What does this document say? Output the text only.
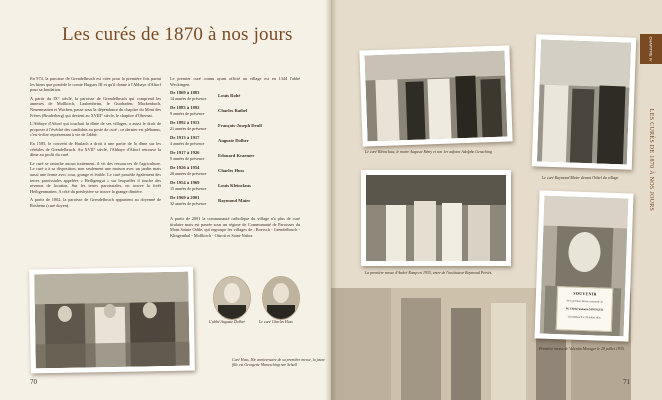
Les curés de 1870 à nos jours

En 974, la paroisse de Grendelbruch est citée pour la première fois parmi les biens que possède le comte Hugues III et qu'il donne à l'Abbaye d'Altorf pour sa fondation.

A partir du IX° siècle, la paroisse de Grendelbruch qui comprend les annexes de Mollkirch, Laubenheim, le Guirbaden, Mackenbach, Neuenmatten et Wachen, passe sous la dépendance du chapitre du Mont des Frères (Bruderberg) qui devient au XVIII° siècle, le chapitre d'Obernai.

L'Abbaye d'Altorf qui touchait la dîme de ses villages, a aussi le droit de proposer à l'évêché des candidats au poste de curé ; ce dernier est plébanus, c'est-à-dire représentant à vie de l'abbé.

En 1585, le couvent de Haslach a droit à une partie de la dîme sur les céréales de Grendelbruch. Au XVII° siècle, l'Abbaye d'Altorf retrouve la dîme au profit du curé.

Le curé se rattache aucun traitement, il vit des ressources de l'agriculture. Le curé a à sa disposition, non seulement une maison avec un jardin mais aussi une ferme avec cour, grange et étable. Le curé possède également des terres paroissiales appelées « Heiligengut » sur lesquelles il touche des revenus de location. Sur les terres paroissiales, on trouve la forêt Heiligenmatten. A côté du presbytère se trouve la grange dîmière.

A partir de 1802, la paroisse de Grendelbruch appartient au doyenné de Rosheim (curé doyen).

Le premier curé connu ayant officié au village est en 1344 l'abbé Weckingen.

De 1869 à 1883
14 années de présence
Louis Rohé
De 1883 à 1892
9 années de présence
Charles Raibel
De 1892 à 1913
21 années de présence
François-Joseph Deull
De 1913 à 1917
4 années de présence
Auguste Dolher
De 1917 à 1926
9 années de présence
Edouard Kraemer
De 1926 à 1954
28 années de présence
Charles Huss
De 1954 à 1969
15 années de présence
Louis Kleinclaus
De 1969 à 2001
32 années de présence
Raymond Maier

A partir de 2001 la communauté catholique du village n'a plus de curé titulaire mais est passée sous un régime de Communauté de Paroisses du Mont Sainte Odile, qui regroupe les villages de : Boersch - Grendelbruch - Klingenthal - Mollkirch - Ottrott et Saint-Nabor.

L'abbé Auguste Dolher	Le curé Charles Huss
Curé Huss, 50e anniversaire de sa première messe, la jeune fille est Georgette Mancsching née Schall
70
Le curé Kleinclaus, le maire Auguste Rémy et son 1er adjoint Adolphe Gensching
Le curé Raymond Maier devant l'hôtel du village
La première messe d'André Ramp en 1955, entre de l'instituteur Raymond Prévès.
SOUVENIR
de la première Messe solennelle de
M. l'Abbé Valentin MOSSGER
Grendelbruch le 29 Juillet 1935
Première messe de Valentin Mossger le 29 juillet 1935.
71
CHAPITRE IV
LES CURÉS DE 1870 À NOS JOURS
